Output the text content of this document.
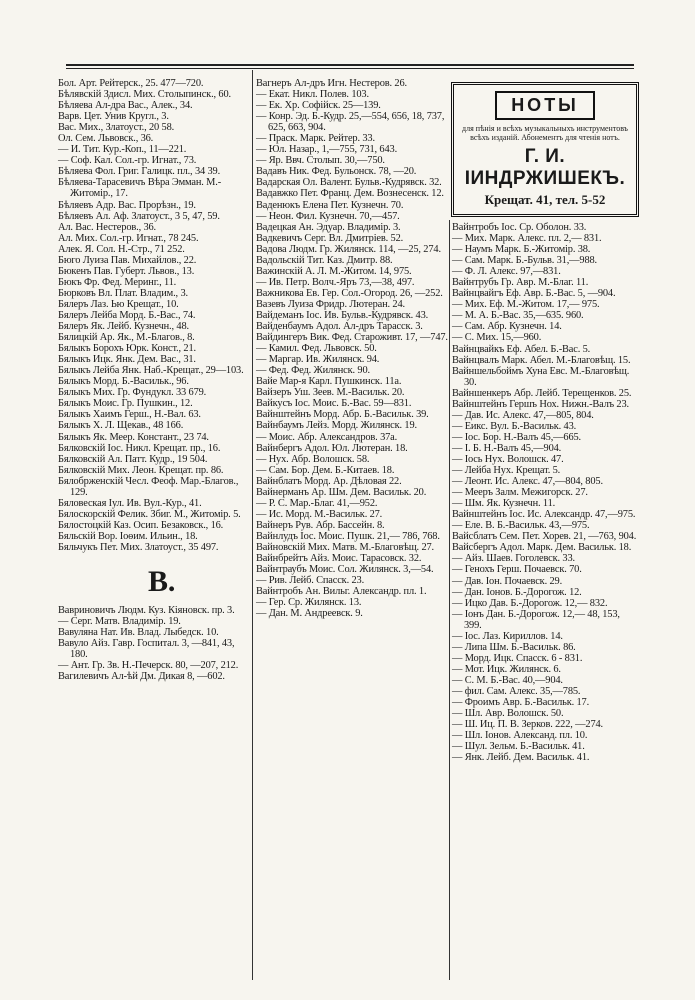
Бол. Арт. Рейтерск., 25. 477—720.

Бѣлявскій Здисл. Мих. Столыпинск., 60.

Бѣляева Ал-дра Вас., Алек., 34.

Варв. Цет. Унив Кругл., 3.

Вас. Мих., Златоуст., 20 58.

Ол. Сем. Львовск., 36.

— И. Тит. Кур.-Коп., 11—221.

— Соф. Кал. Сол.-гр. Игнат., 73.

Бѣляева Фол. Григ. Галицк. пл., 34 39.

Бѣляева-Тарасевичъ Вѣра Эмман. М.-Житомір., 17.

Бѣляевъ Адр. Вас. Прорѣзн., 19.

Бѣляевъ Ал. Аф. Златоуст., 3 5, 47, 59.

Ал. Вас. Нестеров., 36.

Ал. Мих. Сол.-гр. Игнат., 78 245.

Алек. Я. Сол. Н.-Стр., 71 252.

Бюго Луиза Пав. Михайлов., 22.

Бюкенъ Пав. Губерт. Львов., 13.

Бюкъ Фр. Фед. Меринг., 11.

Бюрковъ Вл. Плат. Владим., 3.

Бялеръ Лаз. Ью Крещат., 10.

Бялеръ Лейба Морд. Б.-Вас., 74.

Бялеръ Як. Лейб. Кузнечн., 48.

Бялицкій Ар. Як., М.-Благов., 8.

Бялыкъ Борохъ Юрк. Конст., 21.

Бялыкъ Ицк. Янк. Дем. Вас., 31.

Бялыкъ Лейба Янк. Наб.-Крещат., 29—103.

Бялыкъ Морд. Б.-Васильк., 96.

Бялыкъ Мих. Гр. Фундукл. 33 679.

Бялыкъ Моис. Гр. Пушкин., 12.

Бялыкъ Хаимъ Герш., Н.-Вал. 63.

Бялыкъ Х. Л. Щекав., 48 166.

Бялыкъ Як. Меер. Констант., 23 74.

Бялковскій Іос. Никл. Крещат. пр., 16.

Бялковскій Ал. Патт. Кудр., 19 504.

Бялковскій Мих. Леон. Крещат. пр. 86.

Бялобрженскій Чесл. Феоф. Мар.-Благов., 129.

Бяловеская Іул. Ив. Вул.-Кур., 41.

Бялоскорскій Фелик. Збиг. М., Житомір. 5.

Бялостоцкій Каз. Осип. Безаковск., 16.

Бяльскій Вор. Іоѳим. Ильин., 18.

Бяльчукъ Пет. Мих. Златоуст., 35 497.

В.

Вавриновичъ Людм. Куз. Кіяновск. пр. 3.

— Серг. Матв. Владимір. 19.

Вавуляна Нат. Ив. Влад. Лыбедск. 10.

Вавуло Айз. Гавр. Госпитал. 3, —841, 43, 180.

— Ант. Гр. Зв. Н.-Печерск. 80, —207, 212.

Вагилевичъ Ал-ѣй Дм. Дикая 8, —602.

Вагнеръ Ал-дръ Игн. Нестеров. 26.

— Екат. Никл. Полев. 103.

— Ек. Хр. Софійск. 25—139.

— Конр. Эд. Б.-Кудр. 25,—554, 656, 18, 737, 625, 663, 904.

— Праск. Марк. Рейтер. 33.

— Юл. Назар., 1,—755, 731, 643.

— Яр. Ввч. Столып. 30,—750.

Вадавъ Ник. Фед. Бульонск. 78, —20.

Вадарская Ол. Валент. Бульв.-Кудрявск. 32.

Вадавжко Пет. Франц. Дем. Вознесенск. 12.

Ваденюкъ Елена Пет. Кузнечн. 70.

— Неон. Фил. Кузнечн. 70,—457.

Вадецкая Ан. Эдуар. Владимір. 3.

Вадкевичъ Серг. Вл. Дмитріев. 52.

Вадова Людм. Гр. Жилянск. 114, —25, 274.

Вадольскій Тит. Каз. Дмитр. 88.

Важинскій А. Л. М.-Житом. 14, 975.

— Ив. Петр. Волч.-Яръ 73,—38, 497.

Важникова Ев. Гер. Сол.-Огород. 26, —252.

Вазевъ Луиза Фридр. Лютеран. 24.

Вайдеманъ Іос. Ив. Бульв.-Кудрявск. 43.

Вайденбаумъ Адол. Ал-дръ Тарасск. 3.

Вайдингеръ Вик. Фед. Староживт. 17, —747.

— Камил. Фед. Львовск. 50.

— Маргар. Ив. Жилянск. 94.

— Фед. Фед. Жилянск. 90.

Вайе Мар-я Карл. Пушкинск. 11а.

Вайзеръ Уш. Зеев. М.-Васильк. 20.

Вайкусъ Іос. Моис. Б.-Вас. 59—831.

Вайнштейнъ Морд. Абр. Б.-Васильк. 39.

Вайнбаумъ Лейз. Морд. Жилянск. 19.

— Моис. Абр. Александров. 37а.

Вайнбергъ Адол. Юл. Лютеран. 18.

— Нух. Абр. Волошск. 58.

— Сам. Бор. Дем. Б.-Китаев. 18.

Вайнблатъ Морд. Ар. Дѣловая 22.

Вайнерманъ Ар. Шм. Дем. Васильк. 20.

— Р. С. Мар.-Благ. 41,—952.

— Ис. Морд. М.-Васильк. 27.

Вайнеръ Рув. Абр. Бассейн. 8.

Вайнлудъ Іос. Моис. Пушк. 21,— 786, 768.

Вайновскій Мих. Матв. М.-Благовѣщ. 27.

Вайнбрейтъ Айз. Моис. Тарасовск. 32.

Вайнтраубъ Моис. Сол. Жилянск. 3,—54.

— Рив. Лейб. Спасск. 23.

Вайнтробъ Ан. Вильг. Александр. пл. 1.

— Гер. Ср. Жилянск. 13.

— Дан. М. Андреевск. 9.

НОТЫ
для пѣнія и всѣхъ музыкальныхъ инструментовъ всѣхъ изданій. Абонементъ для чтенія нотъ.
Г. И. ІИНДРЖИШЕКЪ.
Крещат. 41, тел. 5-52

Вайнтробъ Іос. Ср. Оболон. 33.

— Мих. Марк. Алекс. пл. 2,— 831.

— Наумъ Марк. Б.-Житомір. 38.

— Сам. Марк. Б.-Бульв. 31,—988.

— Ф. Л. Алекс. 97,—831.

Вайнтрубъ Гр. Авр. М.-Благ. 11.

Вайнцвайгъ Еф. Авр. Б.-Вас. 5, —904.

— Мих. Еф. М.-Житом. 17,— 975.

— М. А. Б.-Вас. 35,—635. 960.

— Сам. Абр. Кузнечн. 14.

— С. Мих. 15,—960.

Вайнцвайкъ Еф. Абел. Б.-Вас. 5.

Вайнцвалъ Марк. Абел. М.-Благовѣщ. 15.

Вайншельбоймъ Хуна Евс. М.-Благовѣщ. 30.

Вайншенкеръ Абр. Лейб. Терещенков. 25.

Вайнштейнъ Гершъ Нох. Нижн.-Валъ 23.

— Дав. Ис. Алекс. 47,—805, 804.

— Еикс. Вул. Б.-Васильк. 43.

— Іос. Бор. Н.-Валъ 45,—665.

— І. Б. Н.-Валъ 45,—904.

— Іось Нух. Волошск. 47.

— Лейба Нух. Крещат. 5.

— Леонт. Ис. Алекс. 47,—804, 805.

— Мееръ Залм. Межигорск. 27.

— Шм. Як. Кузнечн. 11.

Вайнштейнъ Іос. Ис. Александр. 47,—975.

— Еле. В. Б.-Васильк. 43,—975.

Вайсблатъ Сем. Пет. Хорев. 21, —763, 904.

Вайсбергъ Адол. Марк. Дем. Васильк. 18.

— Айз. Шаев. Гоголевск. 33.

— Генохъ Герш. Почаевск. 70.

— Дав. Іон. Почаевск. 29.

— Дан. Іонов. Б.-Дорогож. 12.

— Ицко Дав. Б.-Дорогож. 12,— 832.

— Іонъ Дан. Б.-Дорогож. 12,— 48, 153, 399.

— Іос. Лаз. Кириллов. 14.

— Липа Шм. Б.-Васильк. 86.

— Морд. Ицк. Спасск. 6 - 831.

— Мот. Ицк. Жилянск. 6.

— С. М. Б.-Вас. 40,—904.

— фил. Сам. Алекс. 35,—785.

— Фроимъ Авр. Б.-Васильк. 17.

— Шл. Авр. Волошск. 50.

— Ш. Иц. П. В. Зерков. 222, —274.

— Шл. Іонов. Александ. пл. 10.

— Шул. Зельм. Б.-Васильк. 41.

— Янк. Лейб. Дем. Васильк. 41.
